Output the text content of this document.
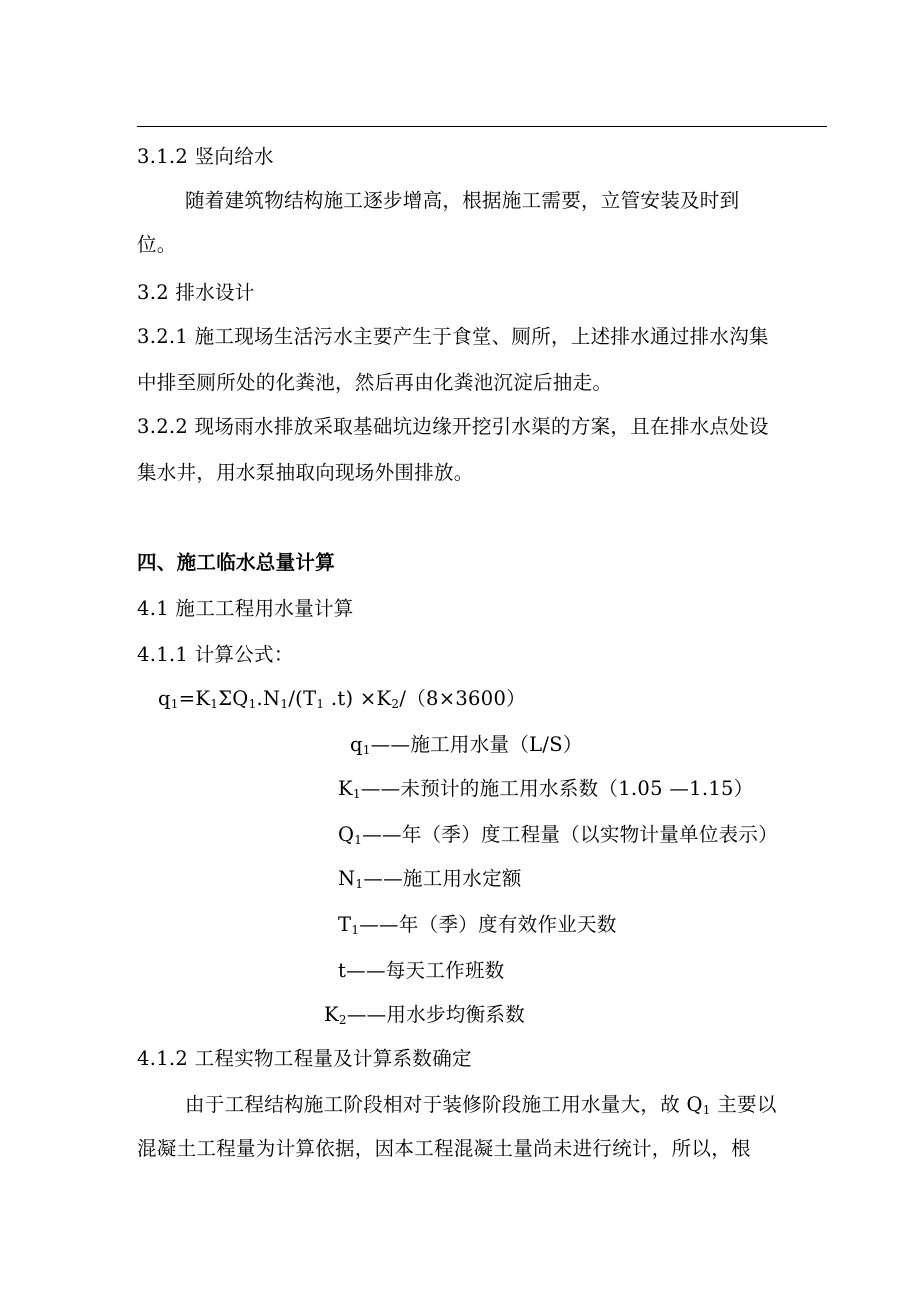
3.1.2 竖向给水
随着建筑物结构施工逐步增高，根据施工需要，立管安装及时到
位。
3.2 排水设计
3.2.1 施工现场生活污水主要产生于食堂、厕所，上述排水通过排水沟集
中排至厕所处的化粪池，然后再由化粪池沉淀后抽走。
3.2.2 现场雨水排放采取基础坑边缘开挖引水渠的方案，且在排水点处设
集水井，用水泵抽取向现场外围排放。
四、施工临水总量计算
4.1 施工工程用水量计算
4.1.1 计算公式：
$q_1=K_1\Sigma Q_1.N_1/(T_1$ $.t) \times K_2/(8\times 3600)$
$q_1——$施工用水量（L/S）
$K_1——$未预计的施工用水系数（1.05 —1.15）
$Q_1——$年（季）度工程量（以实物计量单位表示）
$N_1——$施工用水定额
$T_1——$年（季）度有效作业天数
t——每天工作班数
$K_2——$用水步均衡系数
4.1.2 工程实物工程量及计算系数确定
由于工程结构施工阶段相对于装修阶段施工用水量大，故 $Q_1$ 主要以
混凝土工程量为计算依据，因本工程混凝土量尚未进行统计，所以，根
